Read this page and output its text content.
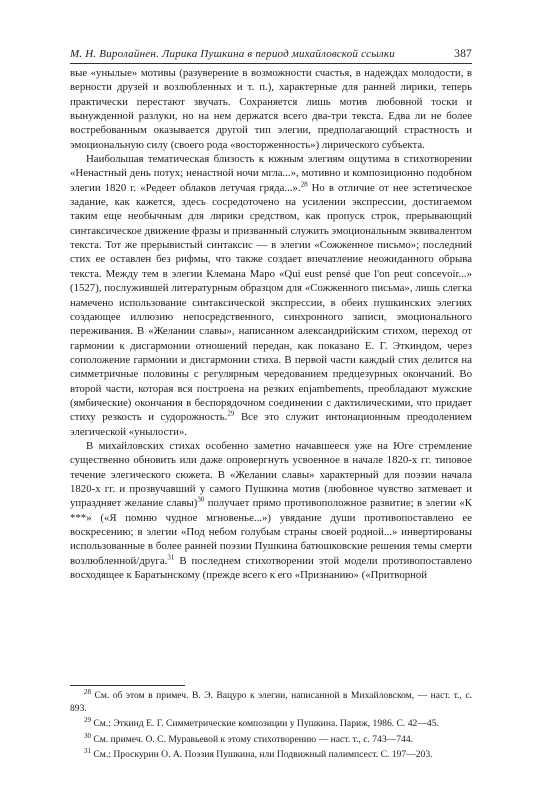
М. Н. Виролайнен. Лирика Пушкина в период михайловской ссылки	387

вые «унылые» мотивы (разуверение в возможности счастья, в надеждах молодости, в верности друзей и возлюбленных и т. п.), характерные для ранней лирики, теперь практически перестают звучать. Сохраняется лишь мотив любовной тоски и вынужденной разлуки, но на нем держатся всего два-три текста. Едва ли не более востребованным оказывается другой тип элегии, предполагающий страстность и эмоциональную силу (своего рода «восторженность») лирического субъекта.

Наибольшая тематическая близость к южным элегиям ощутима в стихотворении «Ненастный день потух; ненастной ночи мгла...», мотивно и композиционно подобном элегии 1820 г. «Редеет облаков летучая гряда...».$^{28}$ Но в отличие от нее эстетическое задание, как кажется, здесь сосредоточено на усилении экспрессии, достигаемом таким еще необычным для лирики средством, как пропуск строк, прерывающий синтаксическое движение фразы и призванный служить эмоциональным эквивалентом текста. Тот же прерывистый синтаксис — в элегии «Сожженное письмо»; последний стих ее оставлен без рифмы, что также создает впечатление неожиданного обрыва текста. Между тем в элегии Клемана Маро «Qui eust pensé que l'on peut concevoir...» (1527), послужившей литературным образцом для «Сожженного письма», лишь слегка намечено использование синтаксической экспрессии, в обеих пушкинских элегиях создающее иллюзию непосредственного, синхронного записи, эмоционального переживания. В «Желании славы», написанном александрийским стихом, переход от гармонии к дисгармонии отношений передан, как показано Е. Г. Эткиндом, через соположение гармонии и дисгармонии стиха. В первой части каждый стих делится на симметричные половины с регулярным чередованием предцезурных окончаний. Во второй части, которая вся построена на резких enjambements, преобладают мужские (ямбические) окончания в беспорядочном соединении с дактилическими, что придает стиху резкость и судорожность.$^{29}$ Все это служит интонационным преодолением элегической «унылости».

В михайловских стихах особенно заметно начавшееся уже на Юге стремление существенно обновить или даже опровергнуть усвоенное в начале 1820-х гг. типовое течение элегического сюжета. В «Желании славы» характерный для поэзии начала 1820-х гг. и прозвучавший у самого Пушкина мотив (любовное чувство затмевает и упраздняет желание славы)$^{30}$ получает прямо противоположное развитие; в элегии «К ***» («Я помню чудное мгновенье...») увядание души противопоставлено ее воскресению; в элегии «Под небом голубым страны своей родной...» инвертированы использованные в более ранней поэзии Пушкина батюшковские решения темы смерти возлюбленной/друга.$^{31}$ В последнем стихотворении этой модели противопоставлено восходящее к Баратынскому (прежде всего к его «Признанию» («Притворной

$^{28}$ См. об этом в примеч. В. Э. Вацуро к элегии, написанной в Михайловском, — наст. т., с. 893.

$^{29}$ См.: Эткинд Е. Г. Симметрические композиции у Пушкина. Париж, 1986. С. 42—45.

$^{30}$ См. примеч. О. С. Муравьевой к этому стихотворению — наст. т., с. 743—744.

$^{31}$ См.: Проскурин О. А. Поэзия Пушкина, или Подвижный палимпсест. С. 197—203.
